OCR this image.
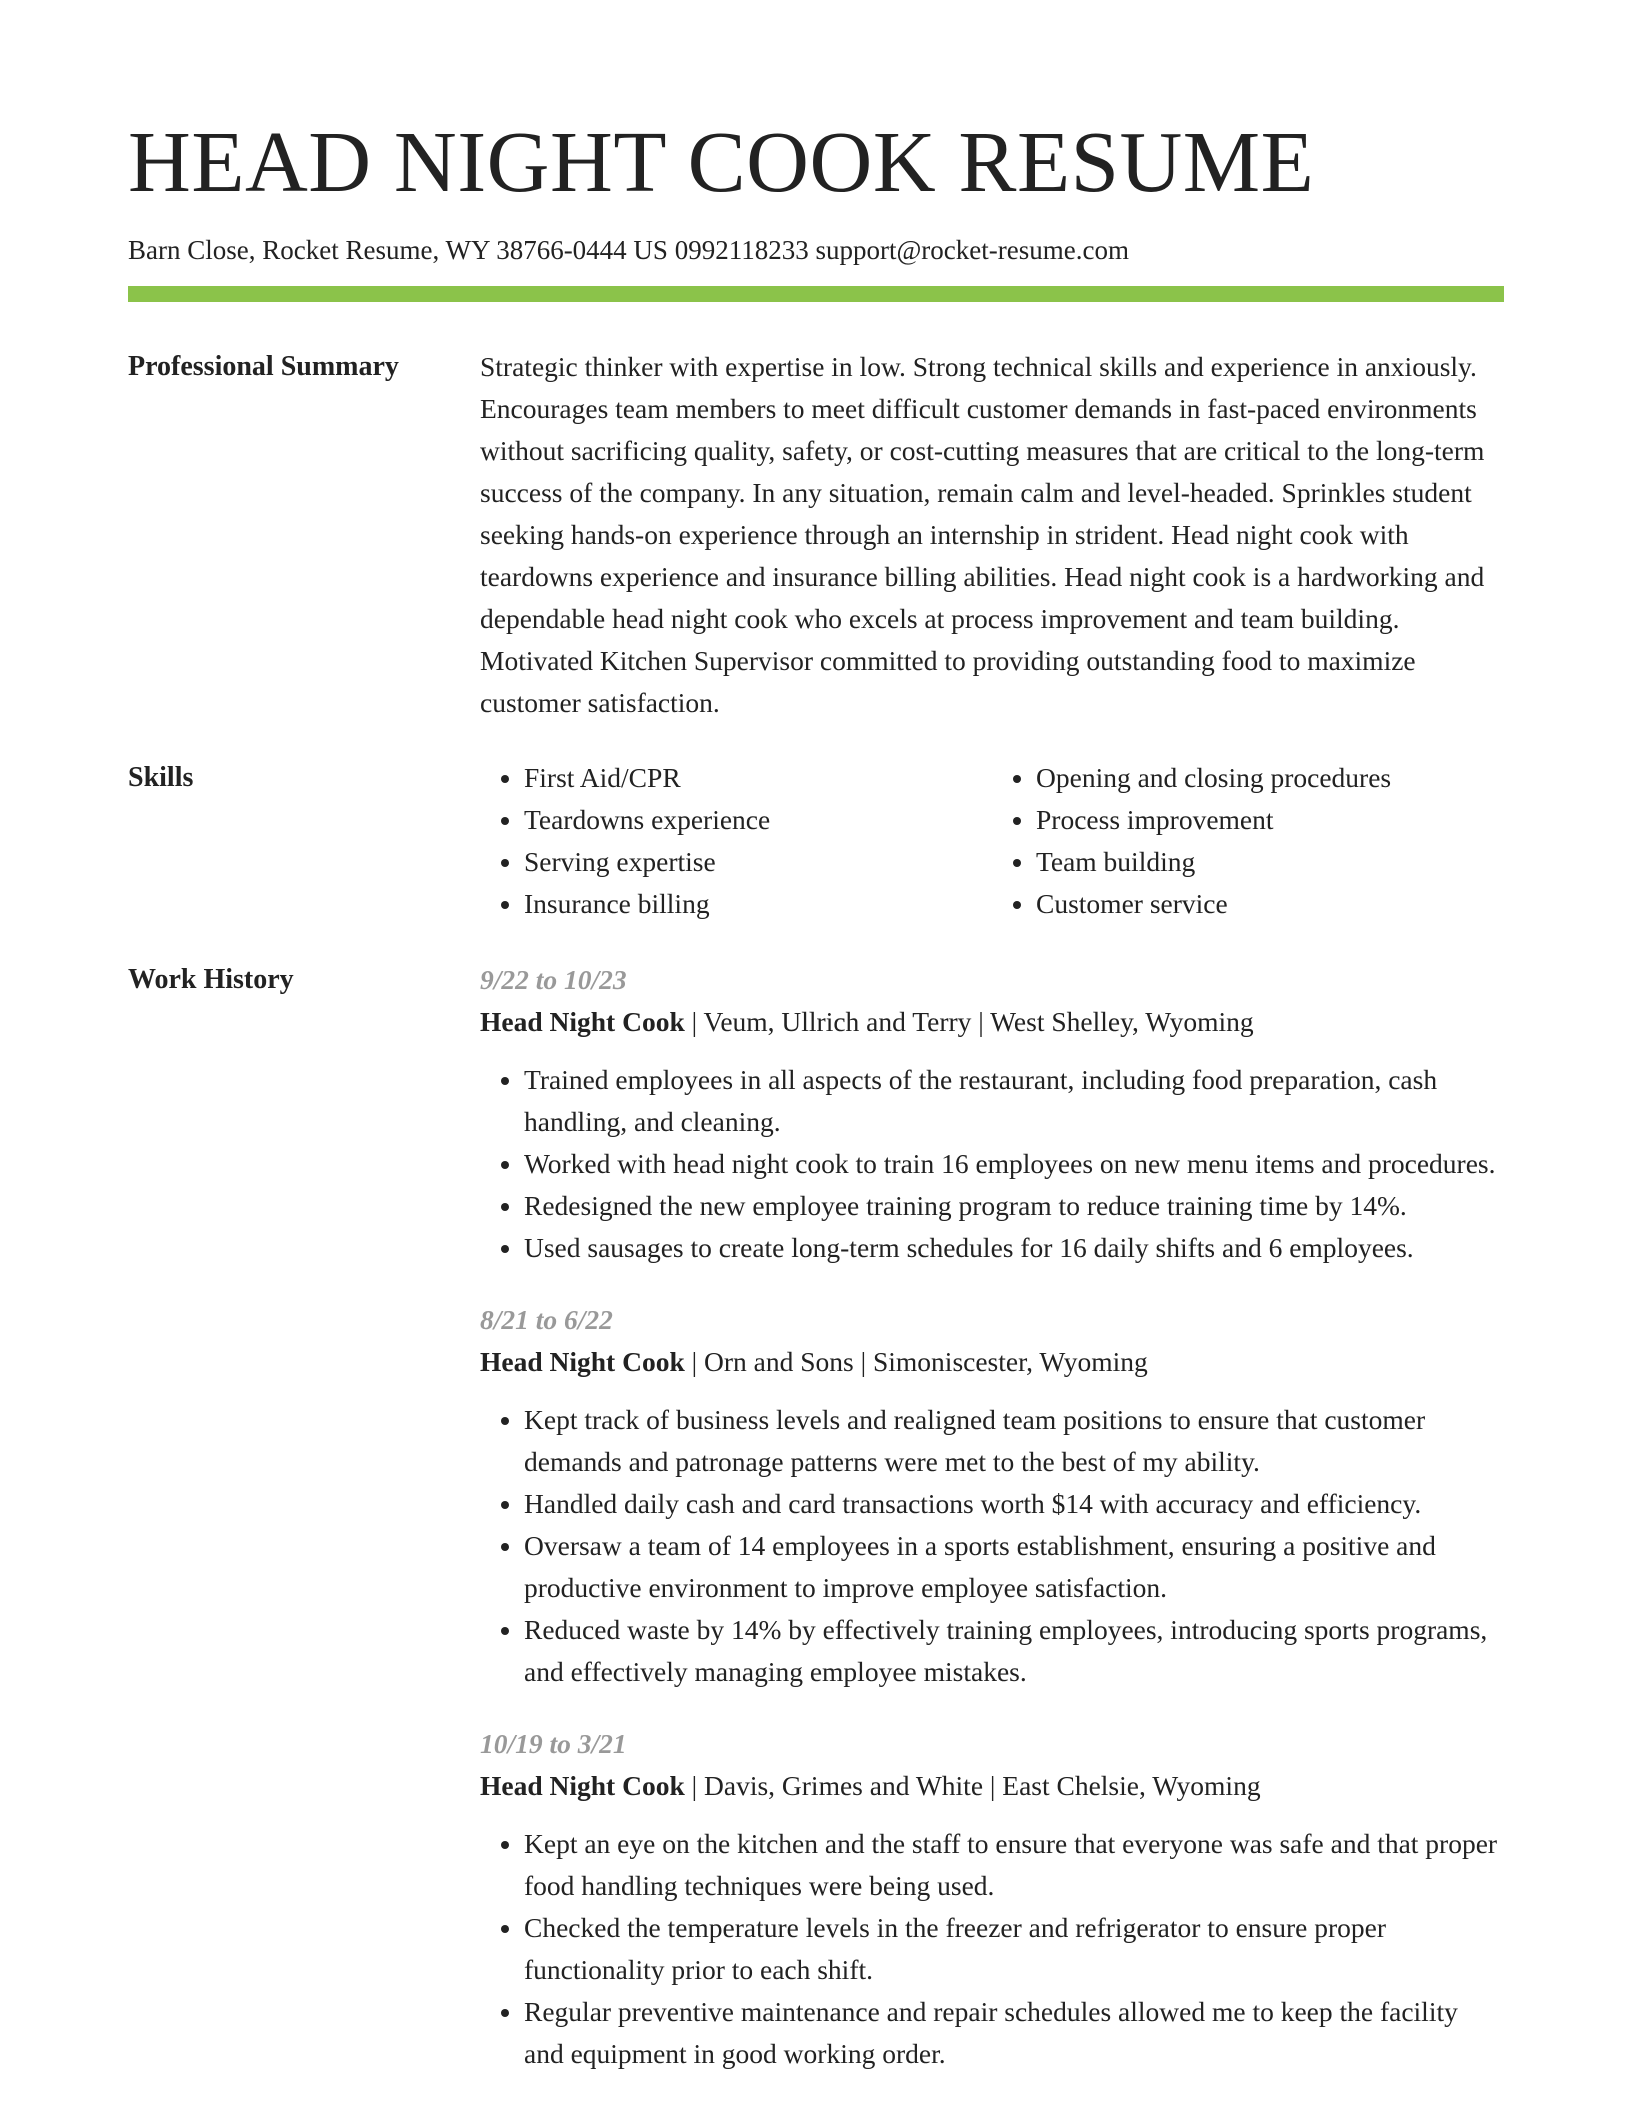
HEAD NIGHT COOK RESUME
Barn Close, Rocket Resume, WY 38766-0444 US 0992118233 support@rocket-resume.com
Professional Summary	Strategic thinker with expertise in low. Strong technical skills and experience in anxiously. Encourages team members to meet difficult customer demands in fast-paced environments without sacrificing quality, safety, or cost-cutting measures that are critical to the long-term success of the company. In any situation, remain calm and level-headed. Sprinkles student seeking hands-on experience through an internship in strident. Head night cook with teardowns experience and insurance billing abilities. Head night cook is a hardworking and dependable head night cook who excels at process improvement and team building. Motivated Kitchen Supervisor committed to providing outstanding food to maximize customer satisfaction.

Skills
•	First Aid/CPR
• Teardowns experience
• Serving expertise
• Insurance billing
• Opening and closing procedures
• Process improvement
• Team building
• Customer service
Work History	9/22 to 10/23
Head Night Cook | Veum, Ullrich and Terry | West Shelley, Wyoming
• Trained employees in all aspects of the restaurant, including food preparation, cash handling, and cleaning.
• Worked with head night cook to train 16 employees on new menu items and procedures.
• Redesigned the new employee training program to reduce training time by 14%.
• Used sausages to create long-term schedules for 16 daily shifts and 6 employees.
8/21 to 6/22
Head Night Cook | Orn and Sons | Simoniscester, Wyoming
• Kept track of business levels and realigned team positions to ensure that customer demands and patronage patterns were met to the best of my ability.
• Handled daily cash and card transactions worth $14 with accuracy and efficiency.
• Oversaw a team of 14 employees in a sports establishment, ensuring a positive and productive environment to improve employee satisfaction.
• Reduced waste by 14% by effectively training employees, introducing sports programs, and effectively managing employee mistakes.
10/19 to 3/21
Head Night Cook | Davis, Grimes and White | East Chelsie, Wyoming
• Kept an eye on the kitchen and the staff to ensure that everyone was safe and that proper food handling techniques were being used.
• Checked the temperature levels in the freezer and refrigerator to ensure proper functionality prior to each shift.
• Regular preventive maintenance and repair schedules allowed me to keep the facility and equipment in good working order.
